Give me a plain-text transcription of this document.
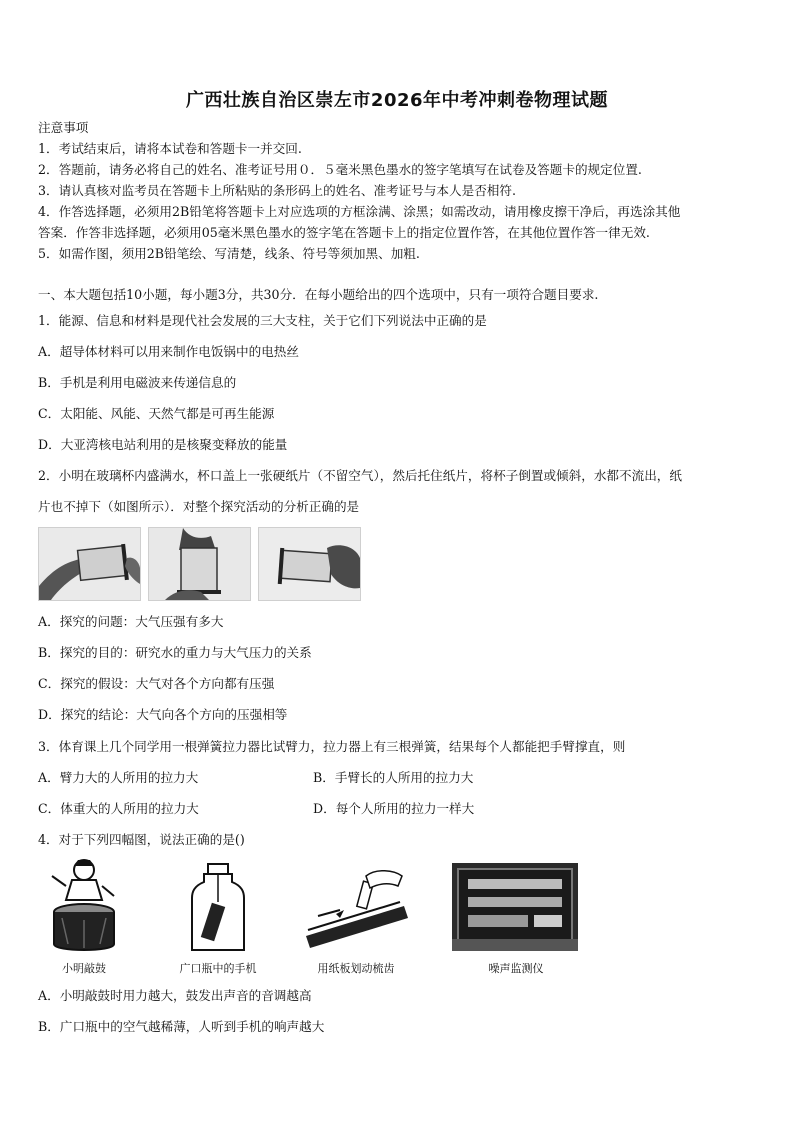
广西壮族自治区崇左市2026年中考冲刺卷物理试题
注意事项
1．考试结束后，请将本试卷和答题卡一并交回.
2．答题前，请务必将自己的姓名、准考证号用０．５毫米黑色墨水的签字笔填写在试卷及答题卡的规定位置.
3．请认真核对监考员在答题卡上所粘贴的条形码上的姓名、准考证号与本人是否相符.
4．作答选择题，必须用2B铅笔将答题卡上对应选项的方框涂满、涂黑；如需改动，请用橡皮擦干净后，再选涂其他
答案．作答非选择题，必须用05毫米黑色墨水的签字笔在答题卡上的指定位置作答，在其他位置作答一律无效.
5．如需作图，须用2B铅笔绘、写清楚，线条、符号等须加黑、加粗.
一、本大题包括10小题，每小题3分，共30分．在每小题给出的四个选项中，只有一项符合题目要求.
1．能源、信息和材料是现代社会发展的三大支柱，关于它们下列说法中正确的是
A．超导体材料可以用来制作电饭锅中的电热丝
B．手机是利用电磁波来传递信息的
C．太阳能、风能、天然气都是可再生能源
D．大亚湾核电站利用的是核聚变释放的能量
2．小明在玻璃杯内盛满水，杯口盖上一张硬纸片（不留空气），然后托住纸片，将杯子倒置或倾斜，水都不流出，纸
片也不掉下（如图所示）．对整个探究活动的分析正确的是
A．探究的问题：大气压强有多大
B．探究的目的：研究水的重力与大气压力的关系
C．探究的假设：大气对各个方向都有压强
D．探究的结论：大气向各个方向的压强相等
3．体育课上几个同学用一根弹簧拉力器比试臂力，拉力器上有三根弹簧，结果每个人都能把手臂撑直，则
A．臂力大的人所用的拉力大	B．手臂长的人所用的拉力大
C．体重大的人所用的拉力大	D．每个人所用的拉力一样大
4．对于下列四幅图，说法正确的是()
小明敲鼓	广口瓶中的手机	用纸板划动梳齿	噪声监测仪
A．小明敲鼓时用力越大，鼓发出声音的音调越高
B．广口瓶中的空气越稀薄，人听到手机的响声越大
